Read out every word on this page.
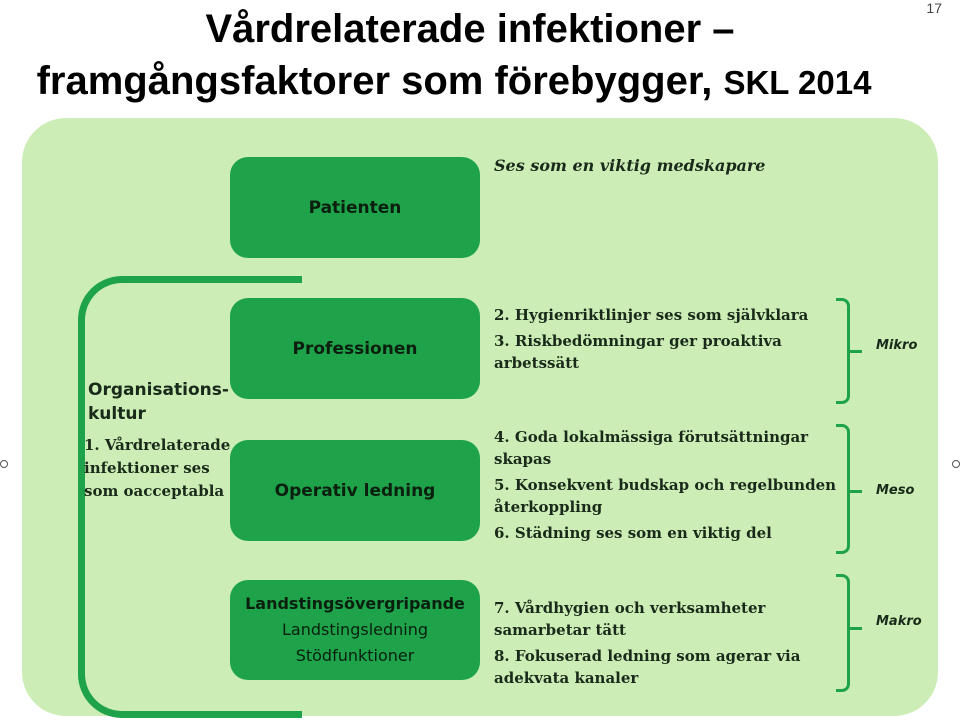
Vårdrelaterade infektioner –
framgångsfaktorer som förebygger, SKL 2014
17
Patienten
Professionen
Operativ ledning
Landstingsövergripande
Landstingsledning
Stödfunktioner
Organisations-
kultur
1. Vårdrelaterade
infektioner ses
som oacceptabla
Ses som en viktig medskapare
2. Hygienriktlinjer ses som självklara
3. Riskbedömningar ger proaktiva
arbetssätt
4. Goda lokalmässiga förutsättningar
skapas
5. Konsekvent budskap och regelbunden
återkoppling
6. Städning ses som en viktig del
7. Vårdhygien och verksamheter
samarbetar tätt
8. Fokuserad ledning som agerar via
adekvata kanaler
Mikro
Meso
Makro
